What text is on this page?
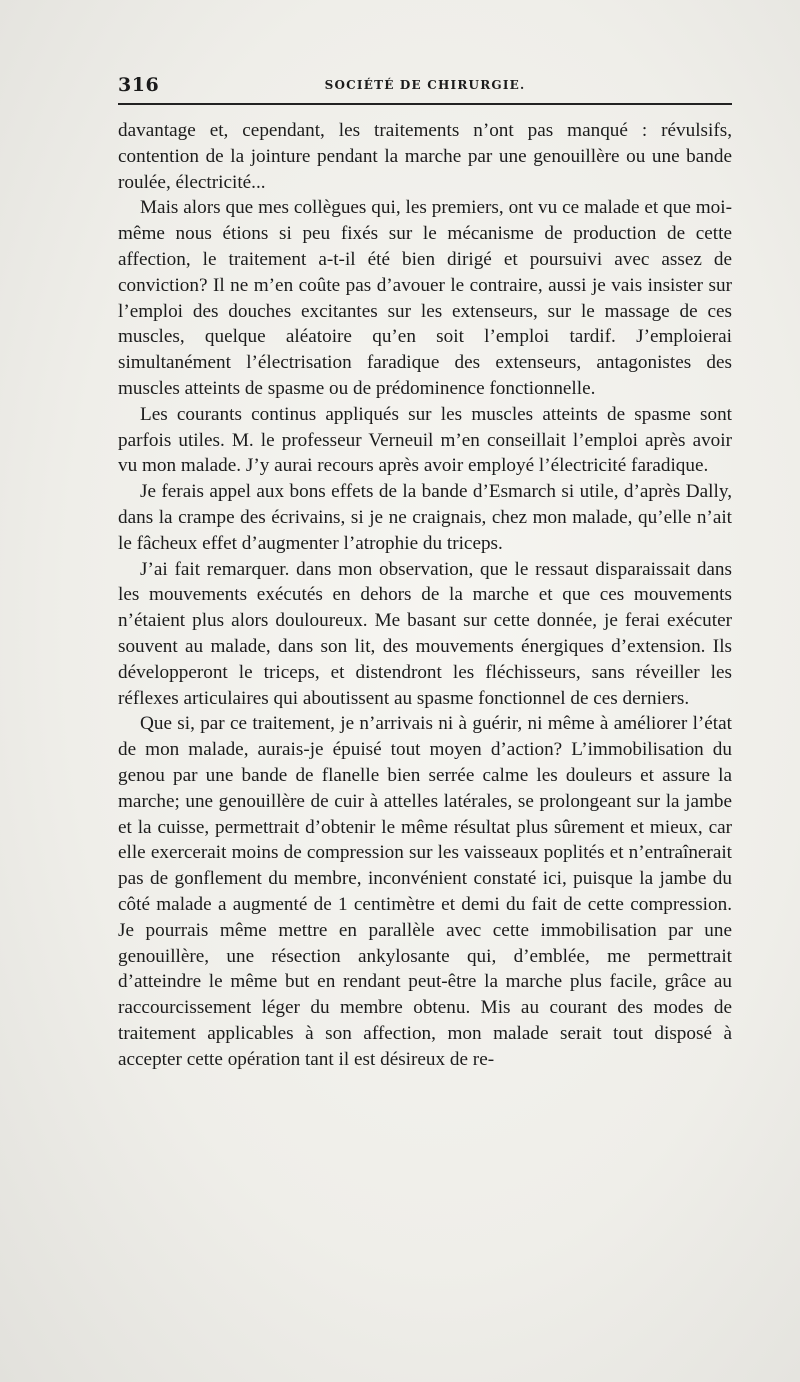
316	SOCIÉTÉ DE CHIRURGIE.

davantage et, cependant, les traitements n’ont pas manqué : révulsifs, contention de la jointure pendant la marche par une genouillère ou une bande roulée, électricité...

Mais alors que mes collègues qui, les premiers, ont vu ce malade et que moi-même nous étions si peu fixés sur le mécanisme de production de cette affection, le traitement a-t-il été bien dirigé et poursuivi avec assez de conviction? Il ne m’en coûte pas d’avouer le contraire, aussi je vais insister sur l’emploi des douches excitantes sur les extenseurs, sur le massage de ces muscles, quelque aléatoire qu’en soit l’emploi tardif. J’emploierai simultanément l’électrisation faradique des extenseurs, antagonistes des muscles atteints de spasme ou de prédominence fonctionnelle.

Les courants continus appliqués sur les muscles atteints de spasme sont parfois utiles. M. le professeur Verneuil m’en conseillait l’emploi après avoir vu mon malade. J’y aurai recours après avoir employé l’électricité faradique.

Je ferais appel aux bons effets de la bande d’Esmarch si utile, d’après Dally, dans la crampe des écrivains, si je ne craignais, chez mon malade, qu’elle n’ait le fâcheux effet d’augmenter l’atrophie du triceps.

J’ai fait remarquer. dans mon observation, que le ressaut disparaissait dans les mouvements exécutés en dehors de la marche et que ces mouvements n’étaient plus alors douloureux. Me basant sur cette donnée, je ferai exécuter souvent au malade, dans son lit, des mouvements énergiques d’extension. Ils développeront le triceps, et distendront les fléchisseurs, sans réveiller les réflexes articulaires qui aboutissent au spasme fonctionnel de ces derniers.

Que si, par ce traitement, je n’arrivais ni à guérir, ni même à améliorer l’état de mon malade, aurais-je épuisé tout moyen d’action? L’immobilisation du genou par une bande de flanelle bien serrée calme les douleurs et assure la marche; une genouillère de cuir à attelles latérales, se prolongeant sur la jambe et la cuisse, permettrait d’obtenir le même résultat plus sûrement et mieux, car elle exercerait moins de compression sur les vaisseaux poplités et n’entraînerait pas de gonflement du membre, inconvénient constaté ici, puisque la jambe du côté malade a augmenté de 1 centimètre et demi du fait de cette compression. Je pourrais même mettre en parallèle avec cette immobilisation par une genouillère, une résection ankylosante qui, d’emblée, me permettrait d’atteindre le même but en rendant peut-être la marche plus facile, grâce au raccourcissement léger du membre obtenu. Mis au courant des modes de traitement applicables à son affection, mon malade serait tout disposé à accepter cette opération tant il est désireux de re-
